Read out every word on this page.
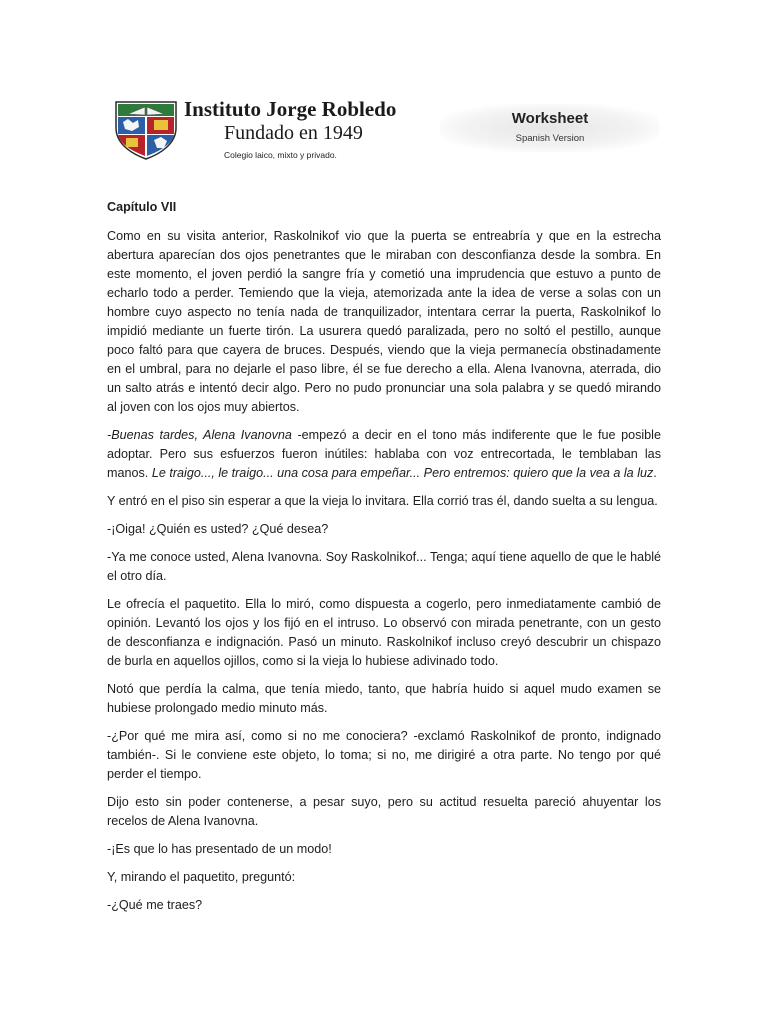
Instituto Jorge Robledo
Fundado en 1949
Colegio laico, mixto y privado.
Worksheet
Spanish Version
Capítulo VII

Como en su visita anterior, Raskolnikof vio que la puerta se entreabría y que en la estrecha abertura aparecían dos ojos penetrantes que le miraban con desconfianza desde la sombra. En este momento, el joven perdió la sangre fría y cometió una imprudencia que estuvo a punto de echarlo todo a perder. Temiendo que la vieja, atemorizada ante la idea de verse a solas con un hombre cuyo aspecto no tenía nada de tranquilizador, intentara cerrar la puerta, Raskolnikof lo impidió mediante un fuerte tirón. La usurera quedó paralizada, pero no soltó el pestillo, aunque poco faltó para que cayera de bruces. Después, viendo que la vieja permanecía obstinadamente en el umbral, para no dejarle el paso libre, él se fue derecho a ella. Alena Ivanovna, aterrada, dio un salto atrás e intentó decir algo. Pero no pudo pronunciar una sola palabra y se quedó mirando al joven con los ojos muy abiertos.

-Buenas tardes, Alena Ivanovna -empezó a decir en el tono más indiferente que le fue posible adoptar. Pero sus esfuerzos fueron inútiles: hablaba con voz entrecortada, le temblaban las manos. Le traigo..., le traigo... una cosa para empeñar... Pero entremos: quiero que la vea a la luz.

Y entró en el piso sin esperar a que la vieja lo invitara. Ella corrió tras él, dando suelta a su lengua.

-¡Oiga! ¿Quién es usted? ¿Qué desea?

-Ya me conoce usted, Alena Ivanovna. Soy Raskolnikof... Tenga; aquí tiene aquello de que le hablé el otro día.

Le ofrecía el paquetito. Ella lo miró, como dispuesta a cogerlo, pero inmediatamente cambió de opinión. Levantó los ojos y los fijó en el intruso. Lo observó con mirada penetrante, con un gesto de desconfianza e indignación. Pasó un minuto. Raskolnikof incluso creyó descubrir un chispazo de burla en aquellos ojillos, como si la vieja lo hubiese adivinado todo.

Notó que perdía la calma, que tenía miedo, tanto, que habría huido si aquel mudo examen se hubiese prolongado medio minuto más.

-¿Por qué me mira así, como si no me conociera? -exclamó Raskolnikof de pronto, indignado también-. Si le conviene este objeto, lo toma; si no, me dirigiré a otra parte. No tengo por qué perder el tiempo.

Dijo esto sin poder contenerse, a pesar suyo, pero su actitud resuelta pareció ahuyentar los recelos de Alena Ivanovna.

-¡Es que lo has presentado de un modo!

Y, mirando el paquetito, preguntó:

-¿Qué me traes?
